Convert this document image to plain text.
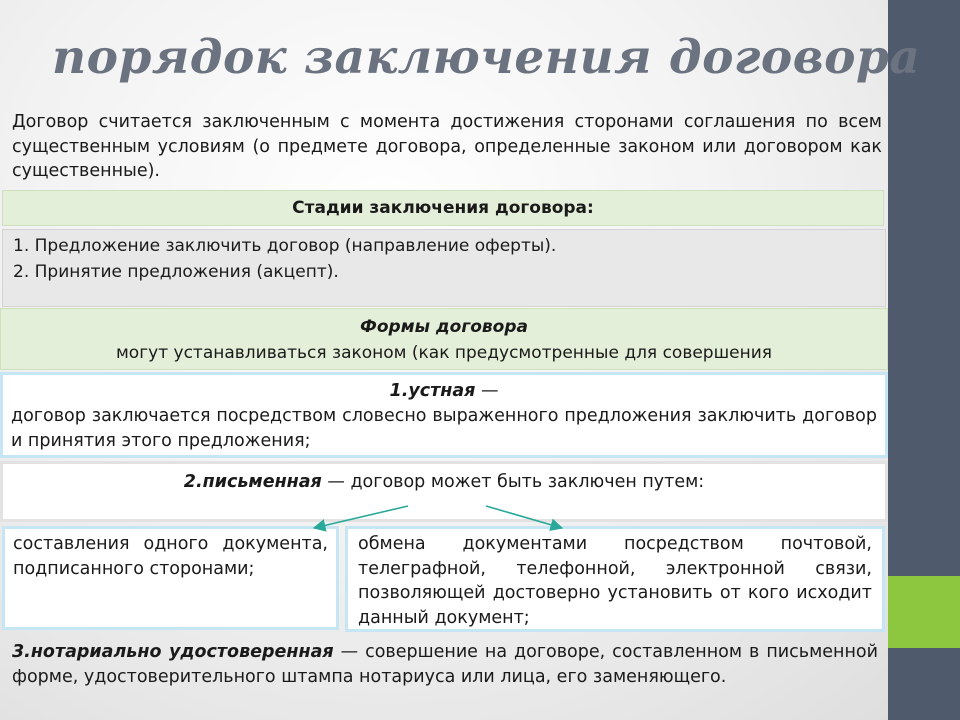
порядок заключения договора

Договор считается заключенным с момента достижения сторонами соглашения по всем существенным условиям (о предмете договора, определенные законом или договором как существенные).

Стадии заключения договора:
1. Предложение заключить договор (направление оферты).
2. Принятие предложения (акцепт).
Формы договора
могут устанавливаться законом (как предусмотренные для совершения
1.устная —
договор заключается посредством словесно выраженного предложения заключить договор и принятия этого предложения;
2.письменная — договор может быть заключен путем:
составления одного документа, подписанного сторонами;
обмена документами посредством почтовой, телеграфной, телефонной, электронной связи, позволяющей достоверно установить от кого исходит данный документ;

3.нотариально удостоверенная — совершение на договоре, составленном в письменной форме, удостоверительного штампа нотариуса или лица, его заменяющего.
